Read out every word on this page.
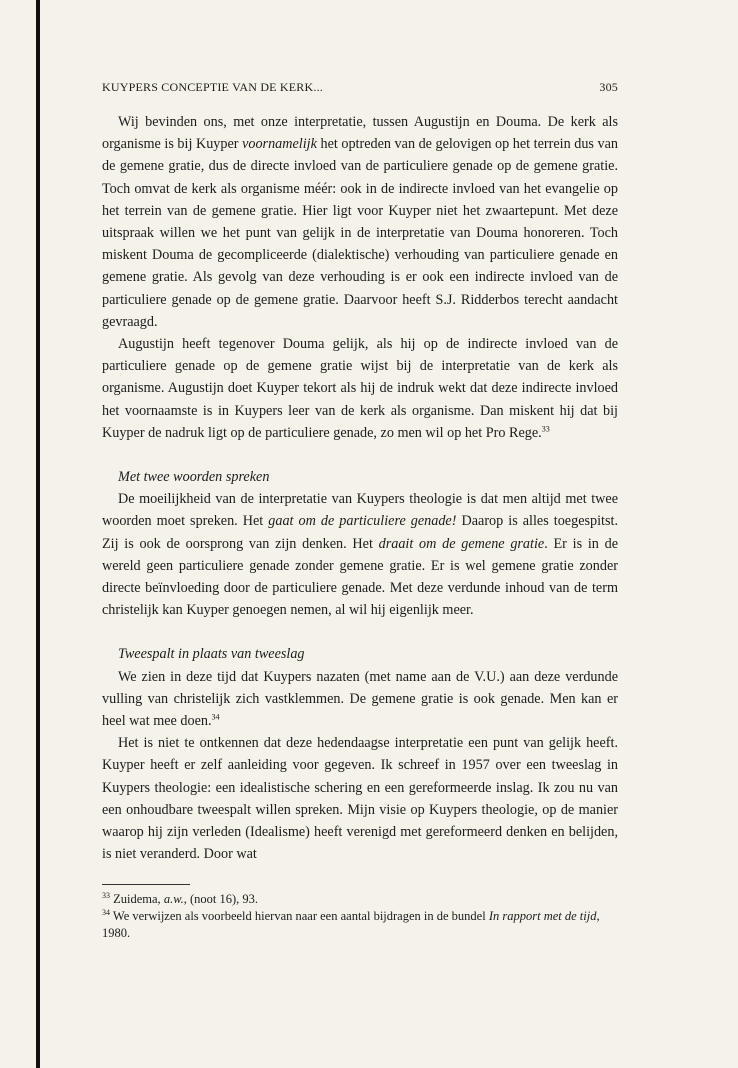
KUYPERS CONCEPTIE VAN DE KERK...	305

Wij bevinden ons, met onze interpretatie, tussen Augustijn en Douma. De kerk als organisme is bij Kuyper voornamelijk het optreden van de gelovigen op het terrein dus van de gemene gratie, dus de directe invloed van de particuliere genade op de gemene gratie. Toch omvat de kerk als organisme méér: ook in de indirecte invloed van het evangelie op het terrein van de gemene gratie. Hier ligt voor Kuyper niet het zwaartepunt. Met deze uitspraak willen we het punt van gelijk in de interpretatie van Douma honoreren. Toch miskent Douma de gecompliceerde (dialektische) verhouding van particuliere genade en gemene gratie. Als gevolg van deze verhouding is er ook een indirecte invloed van de particuliere genade op de gemene gratie. Daarvoor heeft S.J. Ridderbos terecht aandacht gevraagd.

Augustijn heeft tegenover Douma gelijk, als hij op de indirecte invloed van de particuliere genade op de gemene gratie wijst bij de interpretatie van de kerk als organisme. Augustijn doet Kuyper tekort als hij de indruk wekt dat deze indirecte invloed het voornaamste is in Kuypers leer van de kerk als organisme. Dan miskent hij dat bij Kuyper de nadruk ligt op de particuliere genade, zo men wil op het Pro Rege.$^{33}$

Met twee woorden spreken

De moeilijkheid van de interpretatie van Kuypers theologie is dat men altijd met twee woorden moet spreken. Het gaat om de particuliere genade! Daarop is alles toegespitst. Zij is ook de oorsprong van zijn denken. Het draait om de gemene gratie. Er is in de wereld geen particuliere genade zonder gemene gratie. Er is wel gemene gratie zonder directe beïnvloeding door de particuliere genade. Met deze verdunde inhoud van de term christelijk kan Kuyper genoegen nemen, al wil hij eigenlijk meer.

Tweespalt in plaats van tweeslag

We zien in deze tijd dat Kuypers nazaten (met name aan de V.U.) aan deze verdunde vulling van christelijk zich vastklemmen. De gemene gratie is ook genade. Men kan er heel wat mee doen.$^{34}$

Het is niet te ontkennen dat deze hedendaagse interpretatie een punt van gelijk heeft. Kuyper heeft er zelf aanleiding voor gegeven. Ik schreef in 1957 over een tweeslag in Kuypers theologie: een idealistische schering en een gereformeerde inslag. Ik zou nu van een onhoudbare tweespalt willen spreken. Mijn visie op Kuypers theologie, op de manier waarop hij zijn verleden (Idealisme) heeft verenigd met gereformeerd denken en belijden, is niet veranderd. Door wat

$^{33}$ Zuidema, a.w., (noot 16), 93.

$^{34}$ We verwijzen als voorbeeld hiervan naar een aantal bijdragen in de bundel In rapport met de tijd, 1980.
